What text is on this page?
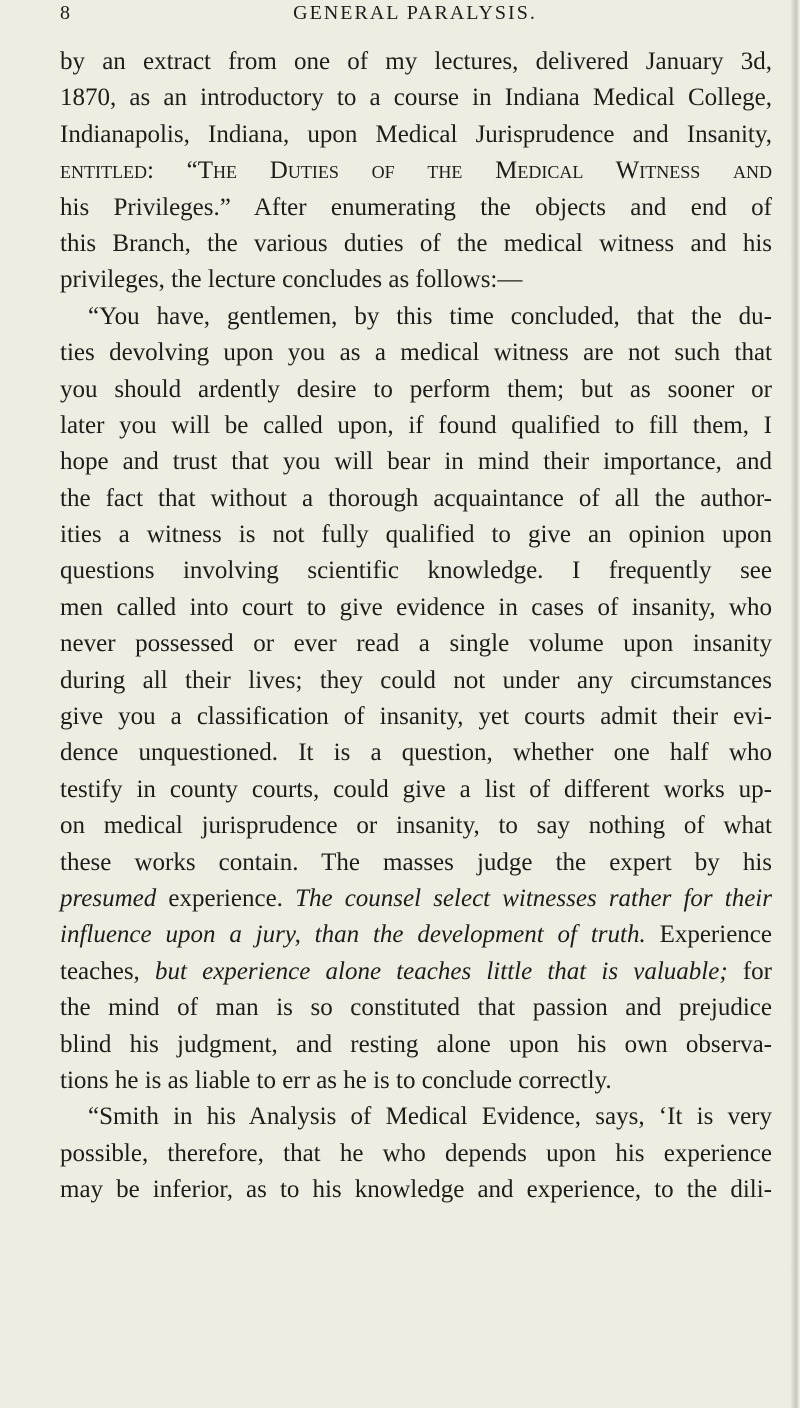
8	GENERAL PARALYSIS.
by an extract from one of my lectures, delivered January 3d,
1870, as an introductory to a course in Indiana Medical College,
Indianapolis, Indiana, upon Medical Jurisprudence and Insanity,
entitled: “The Duties of the Medical Witness and
his Privileges.” After enumerating the objects and end of
this Branch, the various duties of the medical witness and his
privileges, the lecture concludes as follows:—
“You have, gentlemen, by this time concluded, that the du-
ties devolving upon you as a medical witness are not such that
you should ardently desire to perform them; but as sooner or
later you will be called upon, if found qualified to fill them, I
hope and trust that you will bear in mind their importance, and
the fact that without a thorough acquaintance of all the author-
ities a witness is not fully qualified to give an opinion upon
questions involving scientific knowledge. I frequently see
men called into court to give evidence in cases of insanity, who
never possessed or ever read a single volume upon insanity
during all their lives; they could not under any circumstances
give you a classification of insanity, yet courts admit their evi-
dence unquestioned. It is a question, whether one half who
testify in county courts, could give a list of different works up-
on medical jurisprudence or insanity, to say nothing of what
these works contain. The masses judge the expert by his
presumed experience. The counsel select witnesses rather for their
influence upon a jury, than the development of truth. Experience
teaches, but experience alone teaches little that is valuable; for
the mind of man is so constituted that passion and prejudice
blind his judgment, and resting alone upon his own observa-
tions he is as liable to err as he is to conclude correctly.
“Smith in his Analysis of Medical Evidence, says, ‘It is very
possible, therefore, that he who depends upon his experience
may be inferior, as to his knowledge and experience, to the dili-
